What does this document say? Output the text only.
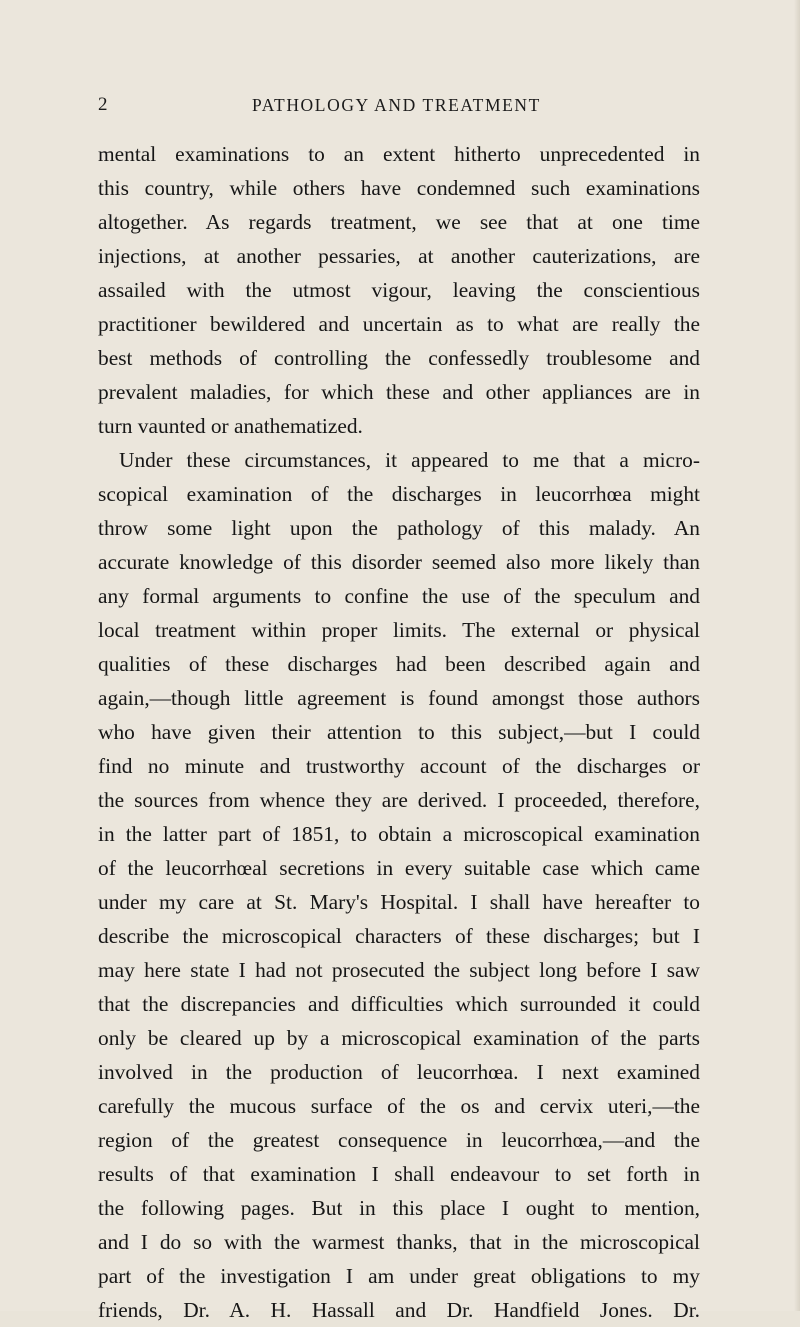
2	PATHOLOGY AND TREATMENT
mental examinations to an extent hitherto unprecedented in
this country, while others have condemned such examinations
altogether. As regards treatment, we see that at one time
injections, at another pessaries, at another cauterizations, are
assailed with the utmost vigour, leaving the conscientious
practitioner bewildered and uncertain as to what are really the
best methods of controlling the confessedly troublesome and
prevalent maladies, for which these and other appliances are in
turn vaunted or anathematized.
Under these circumstances, it appeared to me that a micro-
scopical examination of the discharges in leucorrhœa might
throw some light upon the pathology of this malady. An
accurate knowledge of this disorder seemed also more likely than
any formal arguments to confine the use of the speculum and
local treatment within proper limits. The external or physical
qualities of these discharges had been described again and
again,—though little agreement is found amongst those authors
who have given their attention to this subject,—but I could
find no minute and trustworthy account of the discharges or
the sources from whence they are derived. I proceeded, therefore,
in the latter part of 1851, to obtain a microscopical examination
of the leucorrhœal secretions in every suitable case which came
under my care at St. Mary's Hospital. I shall have hereafter to
describe the microscopical characters of these discharges; but I
may here state I had not prosecuted the subject long before I saw
that the discrepancies and difficulties which surrounded it could
only be cleared up by a microscopical examination of the parts
involved in the production of leucorrhœa. I next examined
carefully the mucous surface of the os and cervix uteri,—the
region of the greatest consequence in leucorrhœa,—and the
results of that examination I shall endeavour to set forth in
the following pages. But in this place I ought to mention,
and I do so with the warmest thanks, that in the microscopical
part of the investigation I am under great obligations to my
friends, Dr. A. H. Hassall and Dr. Handfield Jones. Dr.
